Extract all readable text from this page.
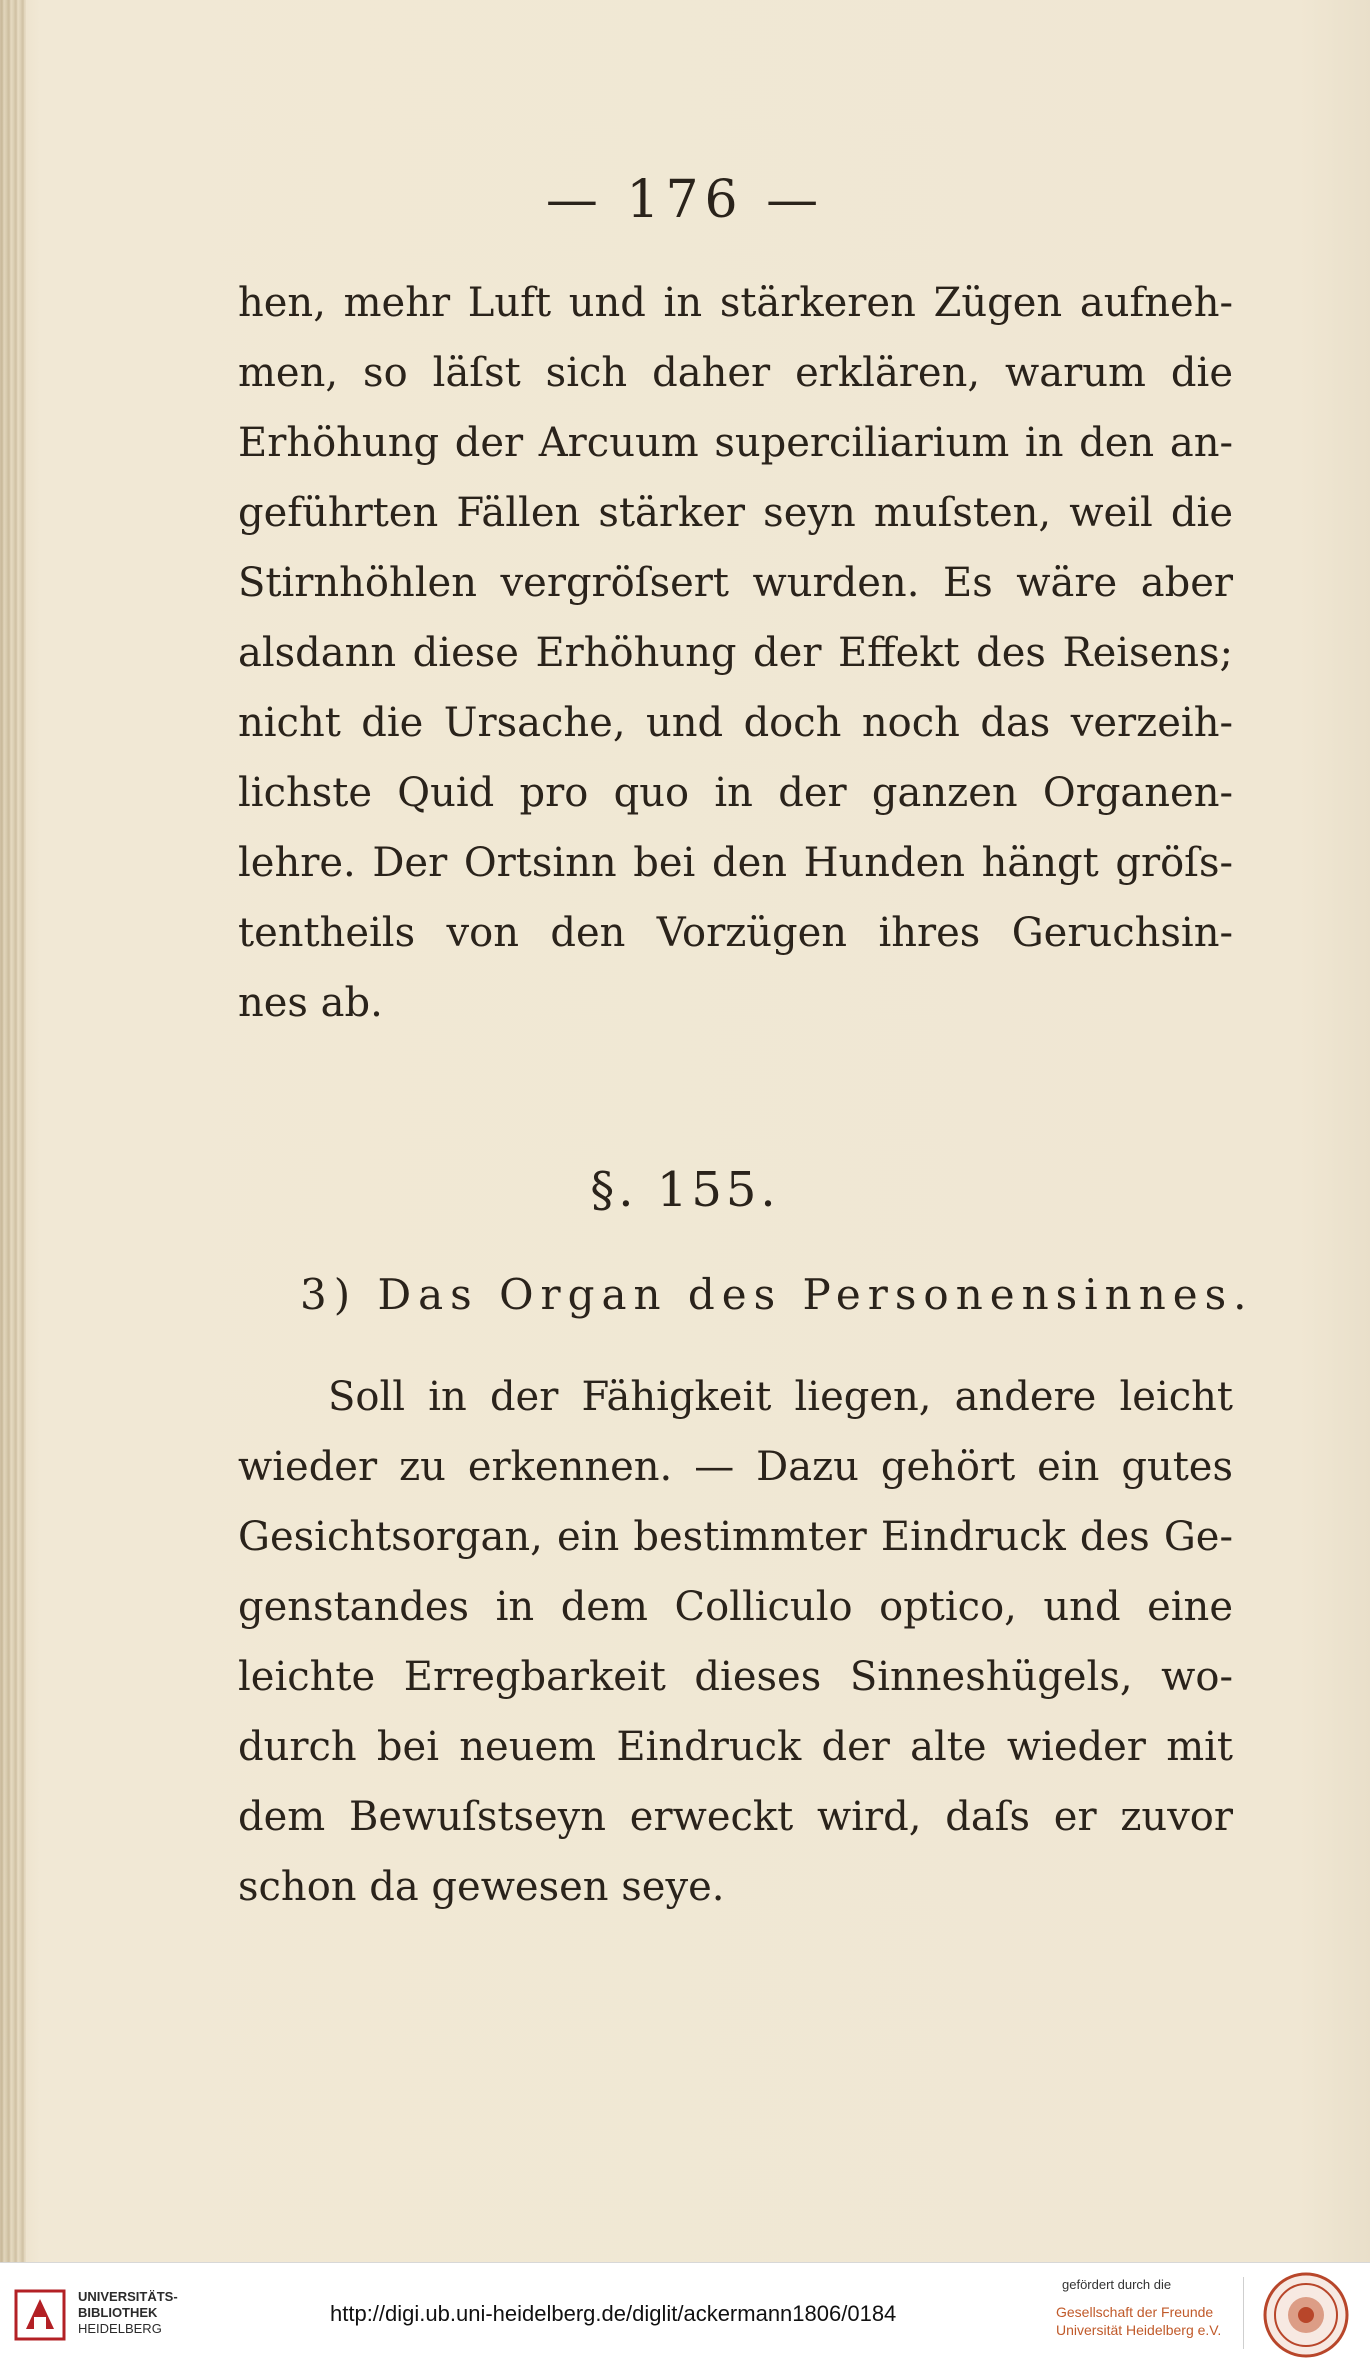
— 176 —
hen, mehr Luft und in stärkeren Zügen aufneh-
men, so läſst sich daher erklären, warum die
Erhöhung der Arcuum superciliarium in den an-
geführten Fällen stärker seyn muſsten, weil die
Stirnhöhlen vergröſsert wurden. Es wäre aber
alsdann diese Erhöhung der Effekt des Reisens;
nicht die Ursache, und doch noch das verzeih-
lichste Quid pro quo in der ganzen Organen-
lehre. Der Ortsinn bei den Hunden hängt gröſs-
tentheils von den Vorzügen ihres Geruchsin-
nes ab.
§. 155.
3) Das Organ des Personensinnes.
Soll in der Fähigkeit liegen, andere leicht
wieder zu erkennen. — Dazu gehört ein gutes
Gesichtsorgan, ein bestimmter Eindruck des Ge-
genstandes in dem Colliculo optico, und eine
leichte Erregbarkeit dieses Sinneshügels, wo-
durch bei neuem Eindruck der alte wieder mit
dem Bewuſstseyn erweckt wird, daſs er zuvor
schon da gewesen seye.
UNIVERSITÄTS-
BIBLIOTHEK
HEIDELBERG
http://digi.ub.uni-heidelberg.de/diglit/ackermann1806/0184
gefördert durch die
Gesellschaft der Freunde
Universität Heidelberg e.V.
